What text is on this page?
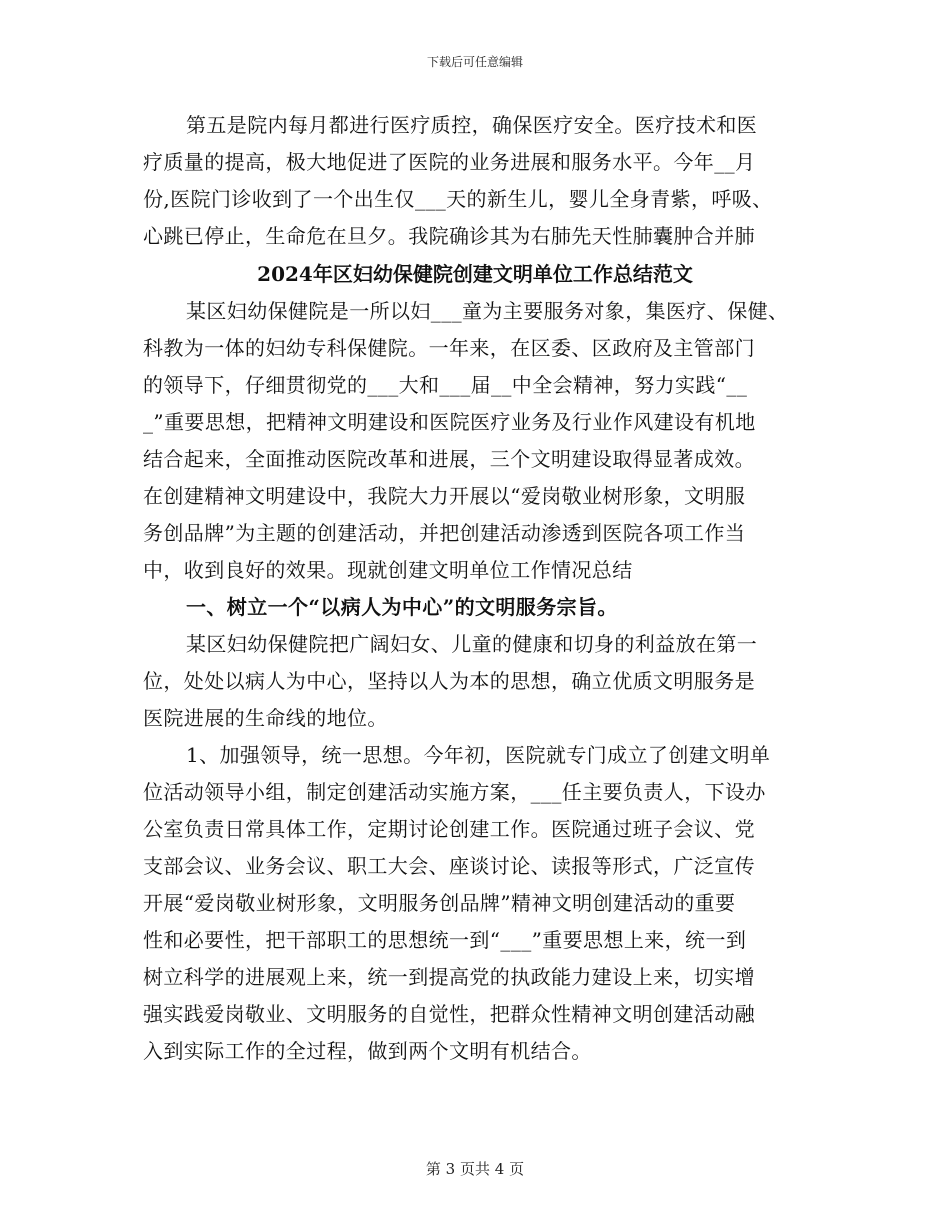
下载后可任意编辑
第五是院内每月都进行医疗质控，确保医疗安全。医疗技术和医
疗质量的提高，极大地促进了医院的业务进展和服务水平。今年__月
份,医院门诊收到了一个出生仅___天的新生儿，婴儿全身青紫，呼吸、
心跳已停止，生命危在旦夕。我院确诊其为右肺先天性肺囊肿合并肺
2024年区妇幼保健院创建文明单位工作总结范文
某区妇幼保健院是一所以妇___童为主要服务对象，集医疗、保健、
科教为一体的妇幼专科保健院。一年来，在区委、区政府及主管部门
的领导下，仔细贯彻党的___大和___届__中全会精神，努力实践“__
_”重要思想，把精神文明建设和医院医疗业务及行业作风建设有机地
结合起来，全面推动医院改革和进展，三个文明建设取得显著成效。
在创建精神文明建设中，我院大力开展以“爱岗敬业树形象，文明服
务创品牌”为主题的创建活动，并把创建活动渗透到医院各项工作当
中，收到良好的效果。现就创建文明单位工作情况总结
一、树立一个“以病人为中心”的文明服务宗旨。
某区妇幼保健院把广阔妇女、儿童的健康和切身的利益放在第一
位，处处以病人为中心，坚持以人为本的思想，确立优质文明服务是
医院进展的生命线的地位。
1、加强领导，统一思想。今年初，医院就专门成立了创建文明单
位活动领导小组，制定创建活动实施方案，___任主要负责人，下设办
公室负责日常具体工作，定期讨论创建工作。医院通过班子会议、党
支部会议、业务会议、职工大会、座谈讨论、读报等形式，广泛宣传
开展“爱岗敬业树形象，文明服务创品牌”精神文明创建活动的重要
性和必要性，把干部职工的思想统一到“___”重要思想上来，统一到
树立科学的进展观上来，统一到提高党的执政能力建设上来，切实增
强实践爱岗敬业、文明服务的自觉性，把群众性精神文明创建活动融
入到实际工作的全过程，做到两个文明有机结合。
第 3 页共 4 页
